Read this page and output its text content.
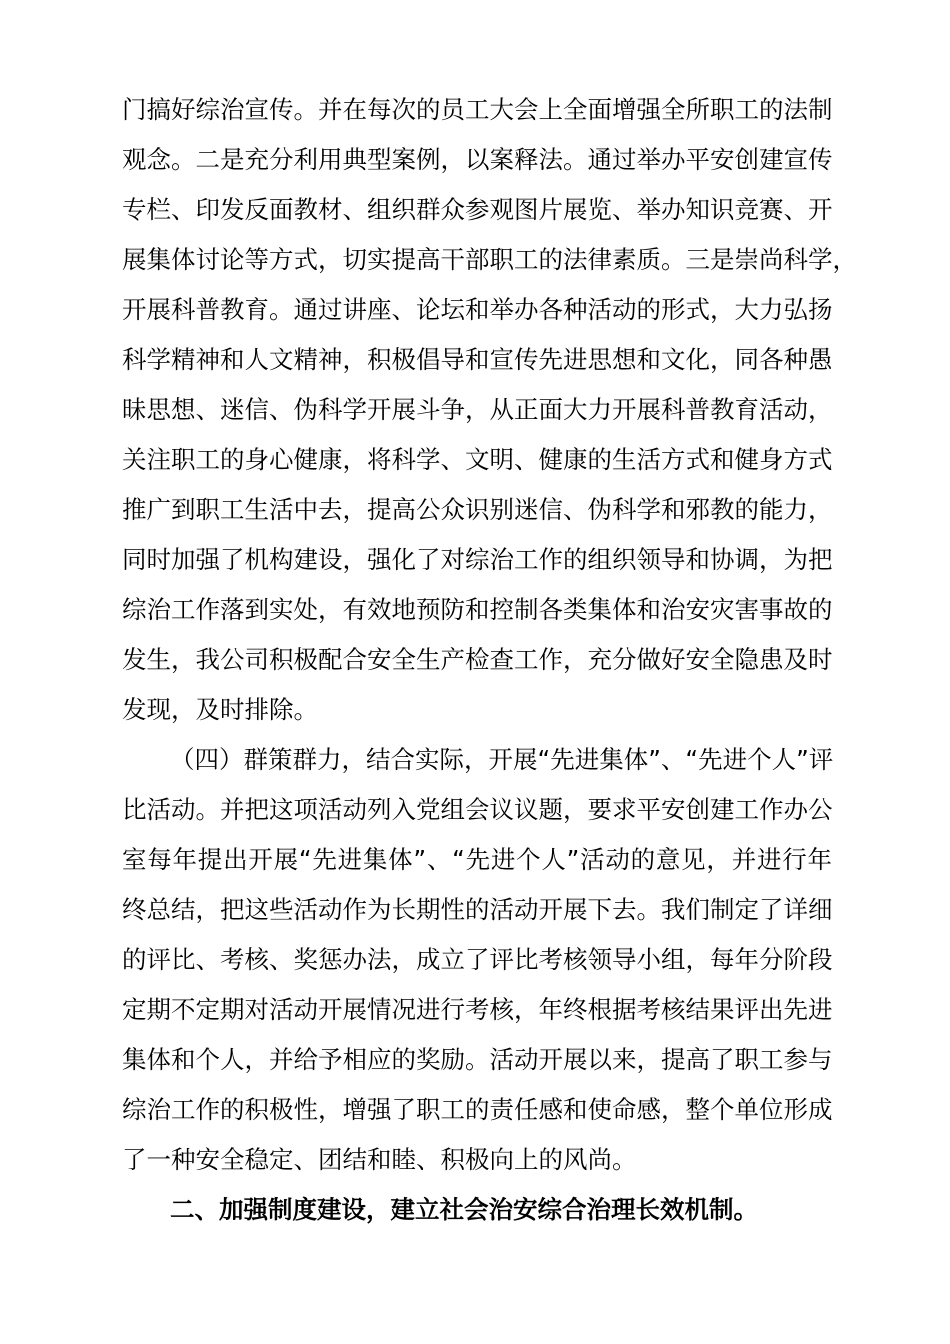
门搞好综治宣传。并在每次的员工大会上全面增强全所职工的法制
观念。二是充分利用典型案例，以案释法。通过举办平安创建宣传
专栏、印发反面教材、组织群众参观图片展览、举办知识竞赛、开
展集体讨论等方式，切实提高干部职工的法律素质。三是崇尚科学，
开展科普教育。通过讲座、论坛和举办各种活动的形式，大力弘扬
科学精神和人文精神，积极倡导和宣传先进思想和文化，同各种愚
昧思想、迷信、伪科学开展斗争，从正面大力开展科普教育活动，
关注职工的身心健康，将科学、文明、健康的生活方式和健身方式
推广到职工生活中去，提高公众识别迷信、伪科学和邪教的能力，
同时加强了机构建设，强化了对综治工作的组织领导和协调，为把
综治工作落到实处，有效地预防和控制各类集体和治安灾害事故的
发生，我公司积极配合安全生产检查工作，充分做好安全隐患及时
发现，及时排除。
（四）群策群力，结合实际，开展“先进集体”、“先进个人”评
比活动。并把这项活动列入党组会议议题，要求平安创建工作办公
室每年提出开展“先进集体”、“先进个人”活动的意见，并进行年
终总结，把这些活动作为长期性的活动开展下去。我们制定了详细
的评比、考核、奖惩办法，成立了评比考核领导小组，每年分阶段
定期不定期对活动开展情况进行考核，年终根据考核结果评出先进
集体和个人，并给予相应的奖励。活动开展以来，提高了职工参与
综治工作的积极性，增强了职工的责任感和使命感，整个单位形成
了一种安全稳定、团结和睦、积极向上的风尚。
二、加强制度建设，建立社会治安综合治理长效机制。
